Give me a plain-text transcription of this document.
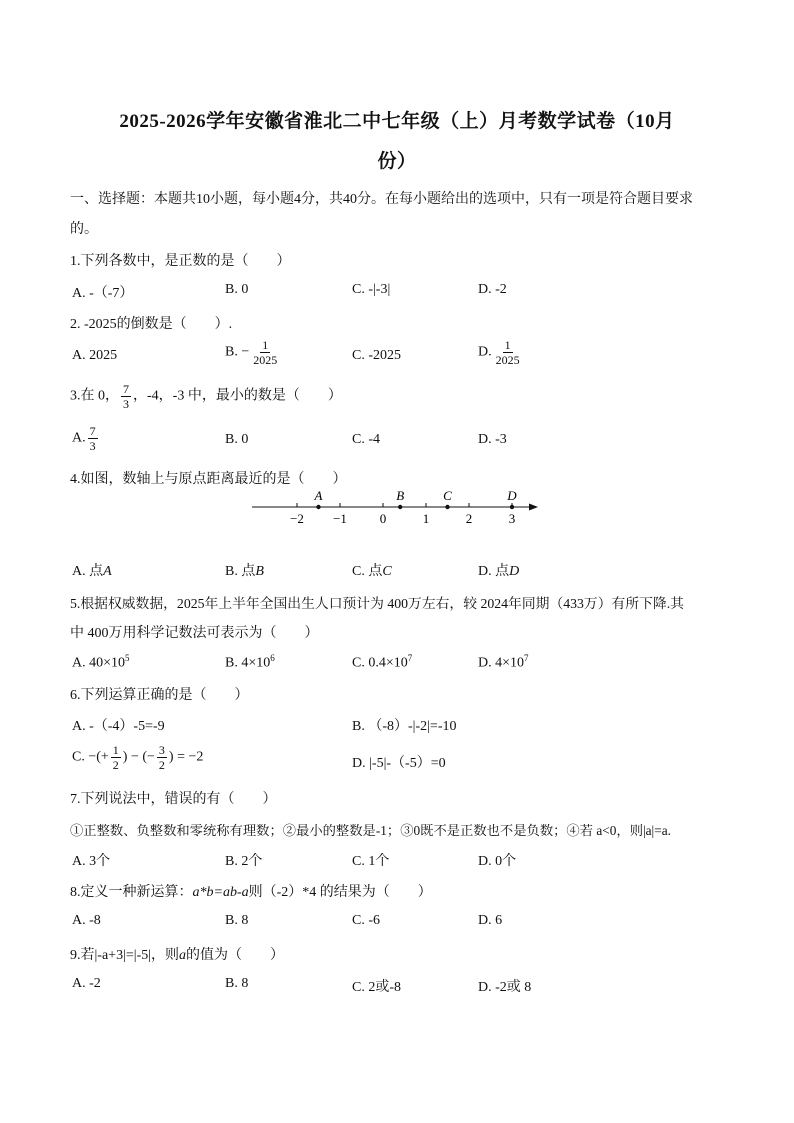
2025-2026学年安徽省淮北二中七年级（上）月考数学试卷（10月
份）
一、选择题：本题共10小题，每小题4分，共40分。在每小题给出的选项中，只有一项是符合题目要求
的。
1.下列各数中，是正数的是（　　）
A. -（-7）	B. 0	C. -|-3|	D. -2
2. -2025的倒数是（　　）.
A. 2025	B. − $\frac{1}{2025}$	C. -2025	D. $\frac{1}{2025}$
3.在 0， $\frac{7}{3}$ ，-4，-3 中，最小的数是（　　）
A. $\frac{7}{3}$	B. 0	C. -4	D. -3
4.如图，数轴上与原点距离最近的是（　　）
−2 −1	0	1	2	3
A	B	C	D
A. 点A	B. 点B	C. 点C	D. 点D
5.根据权威数据，2025年上半年全国出生人口预计为 400万左右，较 2024年同期（433万）有所下降.其
中 400万用科学记数法可表示为（　　）
A. $40\times 10^5$	B. $4\times 10^6$	C. $0.4\times 10^7$	D. $4\times 10^7$
6.下列运算正确的是（　　）
A. -（-4）-5=-9	B. （-8）-|-2|=-10
C. −(+ $\frac{1}{2}$ ) − (− $\frac{3}{2}$ ) = −2	D. |-5|-（-5）=0
7.下列说法中，错误的有（　　）
①正整数、负整数和零统称有理数；②最小的整数是-1；③0既不是正数也不是负数；④若 a<0，则|a|=a.
A. 3个	B. 2个	C. 1个	D. 0个
8.定义一种新运算：a*b=ab-a则（-2）*4 的结果为（　　）
A. -8	B. 8	C. -6	D. 6
9.若|-a+3|=|-5|，则a的值为（　　）
A. -2	B. 8	C. 2或-8	D. -2或 8
